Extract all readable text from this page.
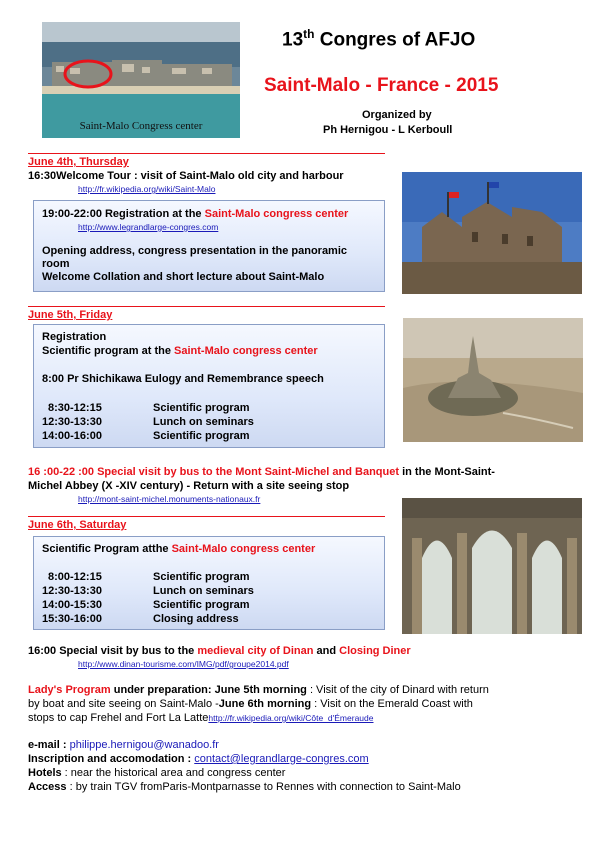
Saint-Malo Congress center
13th Congres of AFJO
Saint-Malo - France - 2015
Organized by
Ph Hernigou - L Kerboull
June 4th, Thursday
16:30Welcome Tour : visit of Saint-Malo old city and harbour
http://fr.wikipedia.org/wiki/Saint-Malo
19:00-22:00 Registration at the Saint-Malo congress center
http://www.legrandlarge-congres.com
Opening address, congress presentation in the panoramic
room
Welcome Collation and short lecture about Saint-Malo
June 5th, Friday
Registration
Scientific program at the Saint-Malo congress center
8:00 Pr Shichikawa Eulogy and Remembrance speech
8:30-12:15	Scientific program
12:30-13:30	Lunch on seminars
14:00-16:00	Scientific program
16 :00-22 :00 Special visit by bus to the Mont Saint-Michel and Banquet in the Mont-Saint-
Michel Abbey (X -XIV century) - Return with a site seeing stop
http://mont-saint-michel.monuments-nationaux.fr
June 6th, Saturday
Scientific Program atthe Saint-Malo congress center
8:00-12:15	Scientific program
12:30-13:30	Lunch on seminars
14:00-15:30	Scientific program
15:30-16:00	Closing address
16:00 Special visit by bus to the medieval city of Dinan and Closing Diner
http://www.dinan-tourisme.com/IMG/pdf/groupe2014.pdf
Lady's Program under preparation: June 5th morning : Visit of the city of Dinard with return
by boat and site seeing on Saint-Malo -June 6th morning : Visit on the Emerald Coast with
stops to cap Frehel and Fort La Lattehttp://fr.wikipedia.org/wiki/Côte_d'Émeraude
e-mail : philippe.hernigou@wanadoo.fr
Inscription and accomodation : contact@legrandlarge-congres.com
Hotels : near the historical area and congress center
Access : by train TGV fromParis-Montparnasse to Rennes with connection to Saint-Malo
